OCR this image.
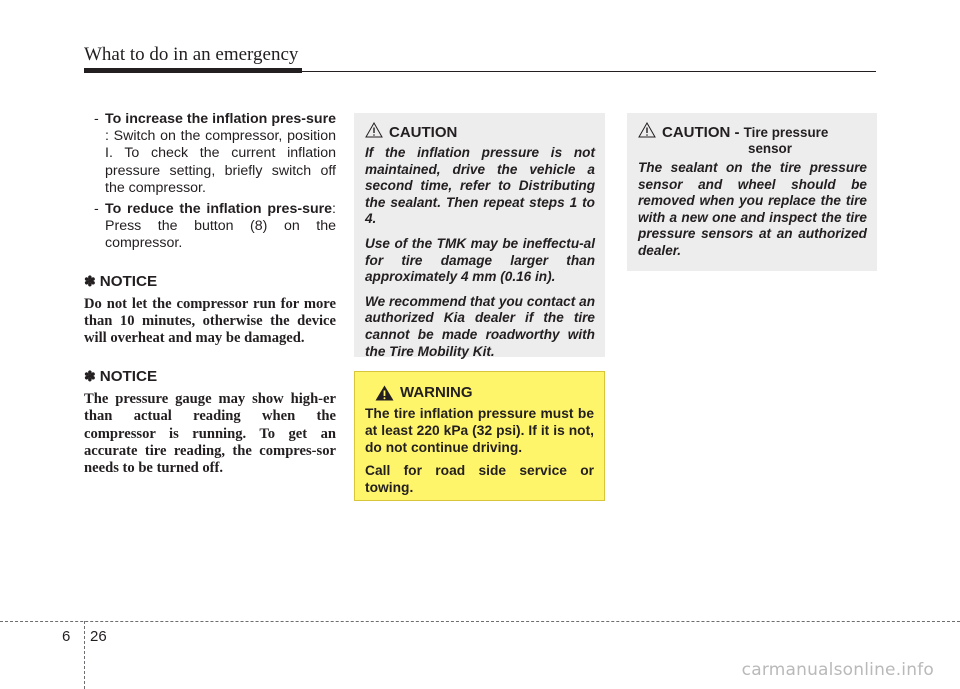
What to do in an emergency
- To increase the inflation pres-sure : Switch on the compressor, position I. To check the current inflation pressure setting, briefly switch off the compressor.
- To reduce the inflation pres-sure: Press the button (8) on the compressor.
✽ NOTICE
Do not let the compressor run for more than 10 minutes, otherwise the device will overheat and may be damaged.
✽ NOTICE
The pressure gauge may show high-er than actual reading when the compressor is running. To get an accurate tire reading, the compres-sor needs to be turned off.
CAUTION
If the inflation pressure is not maintained, drive the vehicle a second time, refer to Distributing the sealant. Then repeat steps 1 to 4.
Use of the TMK may be ineffectu-al for tire damage larger than approximately 4 mm (0.16 in).
We recommend that you contact an authorized Kia dealer if the tire cannot be made roadworthy with the Tire Mobility Kit.
CAUTION - Tire pressure
sensor
The sealant on the tire pressure sensor and wheel should be removed when you replace the tire with a new one and inspect the tire pressure sensors at an authorized dealer.
WARNING
The tire inflation pressure must be at least 220 kPa (32 psi). If it is not, do not continue driving.
Call for road side service or towing.
6 26
carmanualsonline.info
